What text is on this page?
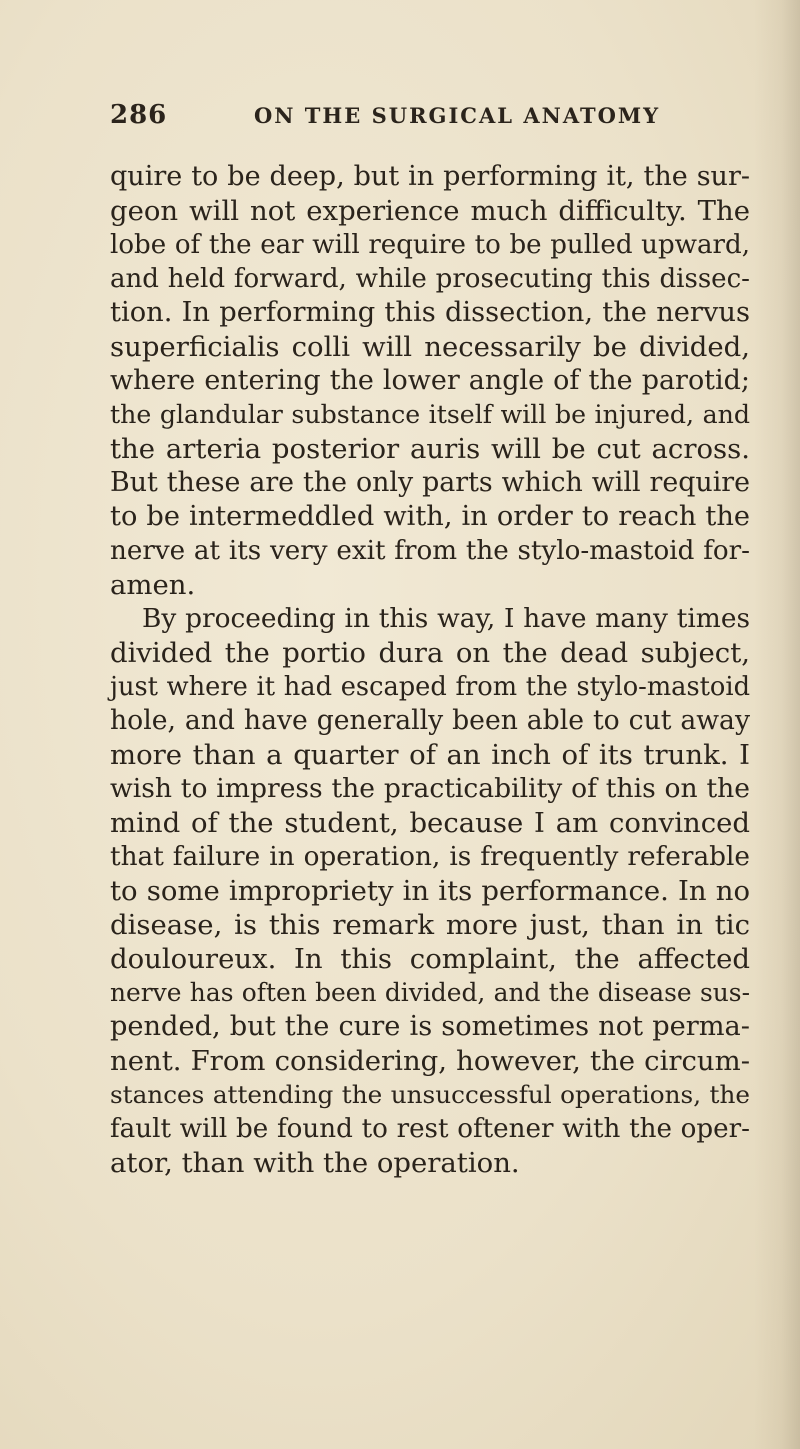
286	ON THE SURGICAL ANATOMY
quire to be deep, but in performing it, the sur-
geon will not experience much difficulty. The
lobe of the ear will require to be pulled upward,
and held forward, while prosecuting this dissec-
tion. In performing this dissection, the nervus
superficialis colli will necessarily be divided,
where entering the lower angle of the parotid;
the glandular substance itself will be injured, and
the arteria posterior auris will be cut across.
But these are the only parts which will require
to be intermeddled with, in order to reach the
nerve at its very exit from the stylo-mastoid for-
amen.
By proceeding in this way, I have many times
divided the portio dura on the dead subject,
just where it had escaped from the stylo-mastoid
hole, and have generally been able to cut away
more than a quarter of an inch of its trunk. I
wish to impress the practicability of this on the
mind of the student, because I am convinced
that failure in operation, is frequently referable
to some impropriety in its performance. In no
disease, is this remark more just, than in tic
douloureux. In this complaint, the affected
nerve has often been divided, and the disease sus-
pended, but the cure is sometimes not perma-
nent. From considering, however, the circum-
stances attending the unsuccessful operations, the
fault will be found to rest oftener with the oper-
ator, than with the operation.
